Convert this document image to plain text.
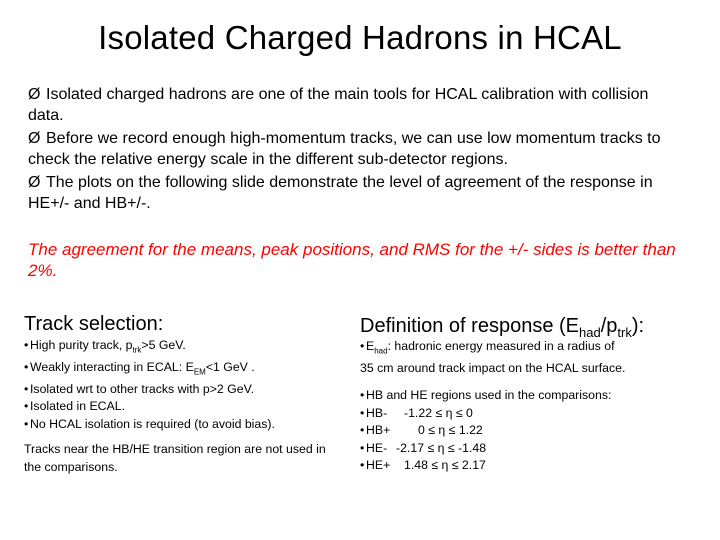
Isolated Charged Hadrons in HCAL
Ø Isolated charged hadrons are one of the main tools for HCAL calibration with collision data.
Ø Before we record enough high-momentum tracks, we can use low momentum tracks to check the relative energy scale in the different sub-detector regions.
Ø The plots on the following slide demonstrate the level of agreement of the response in HE+/- and HB+/-.
The agreement for the means, peak positions, and RMS for the +/- sides is better than 2%.
Track selection:
• High purity track, $p_{trk}>5$ GeV.
• Weakly interacting in ECAL: $E_{EM}<1$ GeV .
• Isolated wrt to other tracks with p>2 GeV.
• Isolated in ECAL.
• No HCAL isolation is required (to avoid bias).
Tracks near the HB/HE transition region are not used in the comparisons.
Definition of response $(E_{had}/p_{trk})$:
• $E_{had}$: hadronic energy measured in a radius of
35 cm around track impact on the HCAL surface.
• HB and HE regions used in the comparisons:
• HB- -1.22 ≤ η ≤ 0
• HB+ 0 ≤ η ≤ 1.22
• HE- -2.17 ≤ η ≤ -1.48
• HE+ 1.48 ≤ η ≤ 2.17
